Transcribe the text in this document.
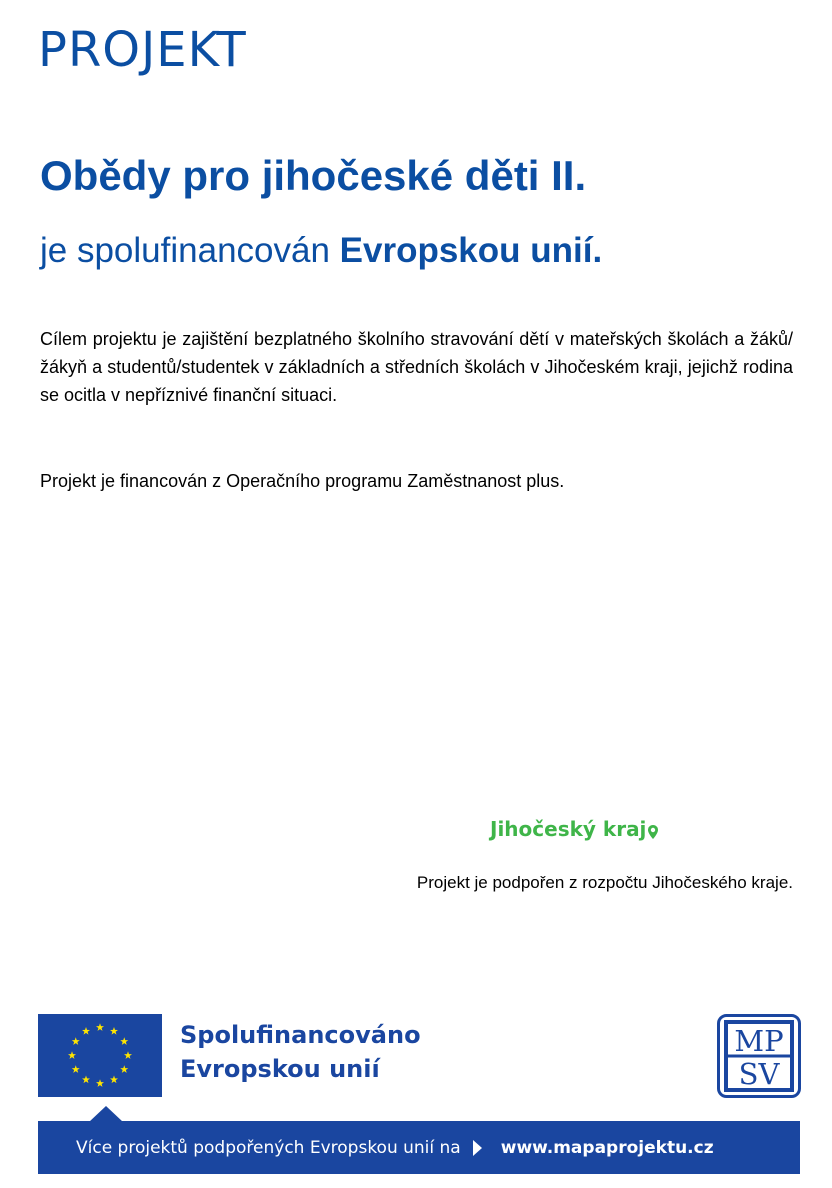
PROJEKT
Obědy pro jihočeské děti II.

je spolufinancován Evropskou unií.

Cílem projektu je zajištění bezplatného školního stravování dětí v mateřských školách a žáků/žákyň a studentů/studentek v základních a středních školách v Jihočeském kraji, jejichž rodina se ocitla v nepříznivé finanční situaci.

Projekt je financován z Operačního programu Zaměstnanost plus.

Jihočeský kraj

Projekt je podpořen z rozpočtu Jihočeského kraje.

Spolufinancováno
Evropskou unií
MP
SV
Více projektů podpořených Evropskou unií na www.mapaprojektu.cz
